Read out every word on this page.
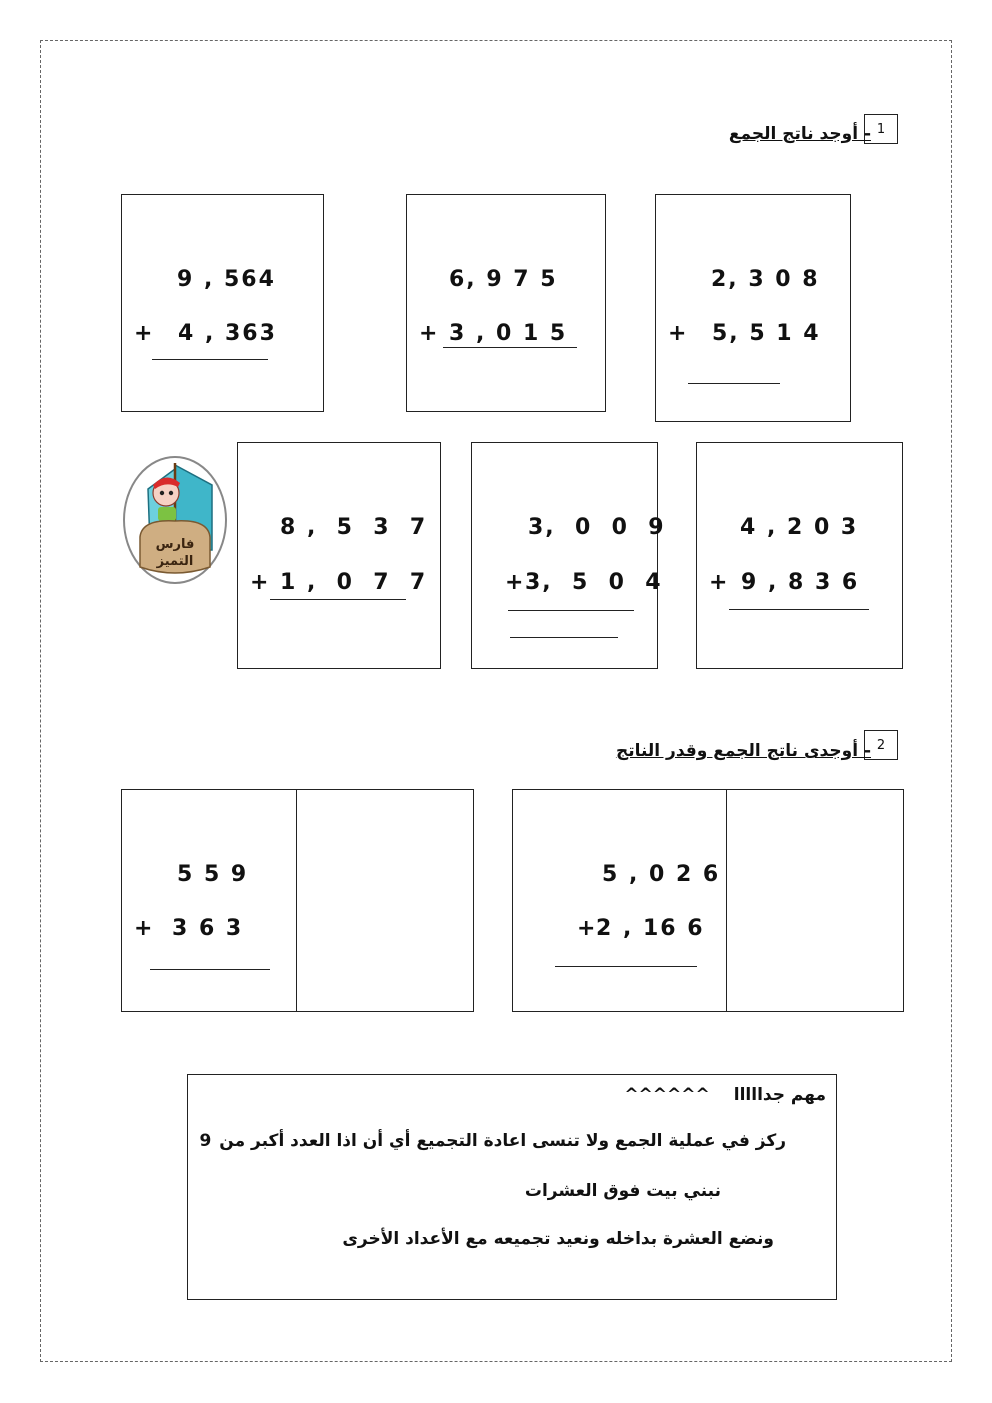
1
- أوجد ناتج الجمع
9 , 564
+ 4 , 363
6, 9 7 5
+ 3 , 0 1 5
2, 3 0 8
+ 5, 5 1 4
فارس
التميز
8 ,  5  3  7
+ 1 ,  0  7  7
3,  0  0  9
+ 3,  5  0  4
4 , 2 0 3
+ 9 , 8 3 6
2
- أوجدى ناتج الجمع وقدر الناتج
5 5 9
+ 3 6 3
5 , 0 2 6
+
2 , 16 6
^^^^^^ مهم جدااااا
9 ركز في عملية الجمع ولا تنسى اعادة التجميع أي أن اذا العدد أكبر من
نبني بيت فوق العشرات
ونضع العشرة بداخله ونعيد تجميعه مع الأعداد الأخرى
